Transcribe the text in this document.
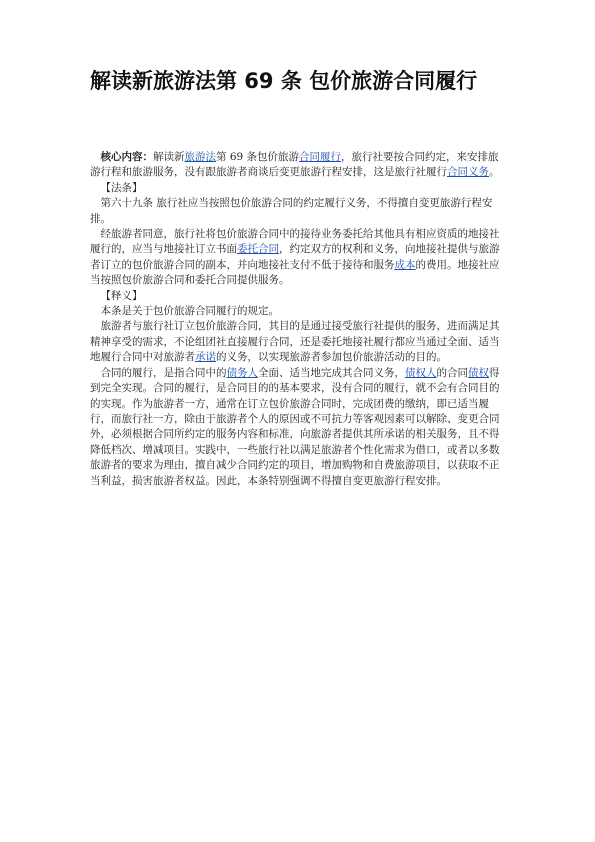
解读新旅游法第 69 条 包价旅游合同履行

核心内容：解读新旅游法第 69 条包价旅游合同履行，旅行社要按合同约定，来安排旅游行程和旅游服务，没有跟旅游者商谈后变更旅游行程安排，这是旅行社履行合同义务。

【法条】

第六十九条 旅行社应当按照包价旅游合同的约定履行义务，不得擅自变更旅游行程安排。

经旅游者同意，旅行社将包价旅游合同中的接待业务委托给其他具有相应资质的地接社履行的，应当与地接社订立书面委托合同，约定双方的权利和义务，向地接社提供与旅游者订立的包价旅游合同的副本，并向地接社支付不低于接待和服务成本的费用。地接社应当按照包价旅游合同和委托合同提供服务。

【释义】

本条是关于包价旅游合同履行的规定。

旅游者与旅行社订立包价旅游合同，其目的是通过接受旅行社提供的服务，进而满足其精神享受的需求，不论组团社直接履行合同，还是委托地接社履行都应当通过全面、适当地履行合同中对旅游者承诺的义务，以实现旅游者参加包价旅游活动的目的。

合同的履行，是指合同中的债务人全面、适当地完成其合同义务，债权人的合同债权得到完全实现。合同的履行，是合同目的的基本要求，没有合同的履行，就不会有合同目的的实现。作为旅游者一方，通常在订立包价旅游合同时，完成团费的缴纳，即已适当履行，而旅行社一方，除由于旅游者个人的原因或不可抗力等客观因素可以解除、变更合同外，必须根据合同所约定的服务内容和标准，向旅游者提供其所承诺的相关服务，且不得降低档次、增减项目。实践中，一些旅行社以满足旅游者个性化需求为借口，或者以多数旅游者的要求为理由，擅自减少合同约定的项目，增加购物和自费旅游项目，以获取不正当利益，损害旅游者权益。因此，本条特别强调不得擅自变更旅游行程安排。
